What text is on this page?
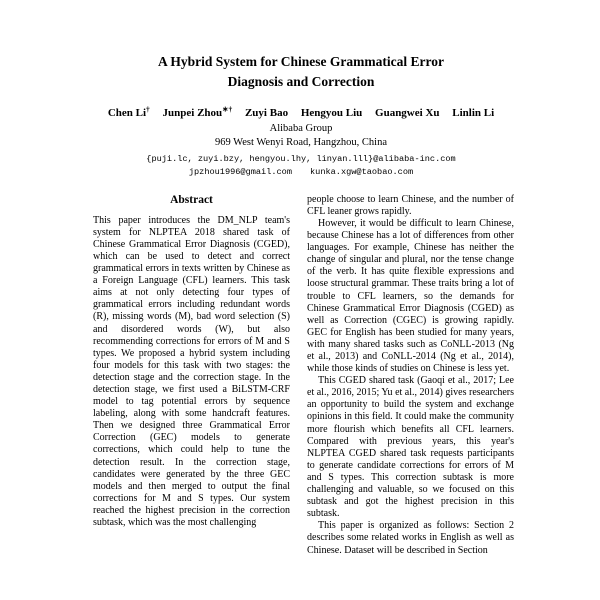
A Hybrid System for Chinese Grammatical Error Diagnosis and Correction
Chen Li† Junpei Zhou∗† Zuyi Bao Hengyou Liu Guangwei Xu Linlin Li
Alibaba Group
969 West Wenyi Road, Hangzhou, China
{puji.lc, zuyi.bzy, hengyou.lhy, linyan.lll}@alibaba-inc.com
jpzhou1996@gmail.com kunka.xgw@taobao.com
Abstract

This paper introduces the DM_NLP team's system for NLPTEA 2018 shared task of Chinese Grammatical Error Diagnosis (CGED), which can be used to detect and correct grammatical errors in texts written by Chinese as a Foreign Language (CFL) learners. This task aims at not only detecting four types of grammatical errors including redundant words (R), missing words (M), bad word selection (S) and disordered words (W), but also recommending corrections for errors of M and S types. We proposed a hybrid system including four models for this task with two stages: the detection stage and the correction stage. In the detection stage, we first used a BiLSTM-CRF model to tag potential errors by sequence labeling, along with some handcraft features. Then we designed three Grammatical Error Correction (GEC) models to generate corrections, which could help to tune the detection result. In the correction stage, candidates were generated by the three GEC models and then merged to output the final corrections for M and S types. Our system reached the highest precision in the correction subtask, which was the most challenging

people choose to learn Chinese, and the number of CFL leaner grows rapidly.

However, it would be difficult to learn Chinese, because Chinese has a lot of differences from other languages. For example, Chinese has neither the change of singular and plural, nor the tense change of the verb. It has quite flexible expressions and loose structural grammar. These traits bring a lot of trouble to CFL learners, so the demands for Chinese Grammatical Error Diagnosis (CGED) as well as Correction (CGEC) is growing rapidly. GEC for English has been studied for many years, with many shared tasks such as CoNLL-2013 (Ng et al., 2013) and CoNLL-2014 (Ng et al., 2014), while those kinds of studies on Chinese is less yet.

This CGED shared task (Gaoqi et al., 2017; Lee et al., 2016, 2015; Yu et al., 2014) gives researchers an opportunity to build the system and exchange opinions in this field. It could make the community more flourish which benefits all CFL learners. Compared with previous years, this year's NLPTEA CGED shared task requests participants to generate candidate corrections for errors of M and S types. This correction subtask is more challenging and valuable, so we focused on this subtask and got the highest precision in this subtask.

This paper is organized as follows: Section 2 describes some related works in English as well as Chinese. Dataset will be described in Section
